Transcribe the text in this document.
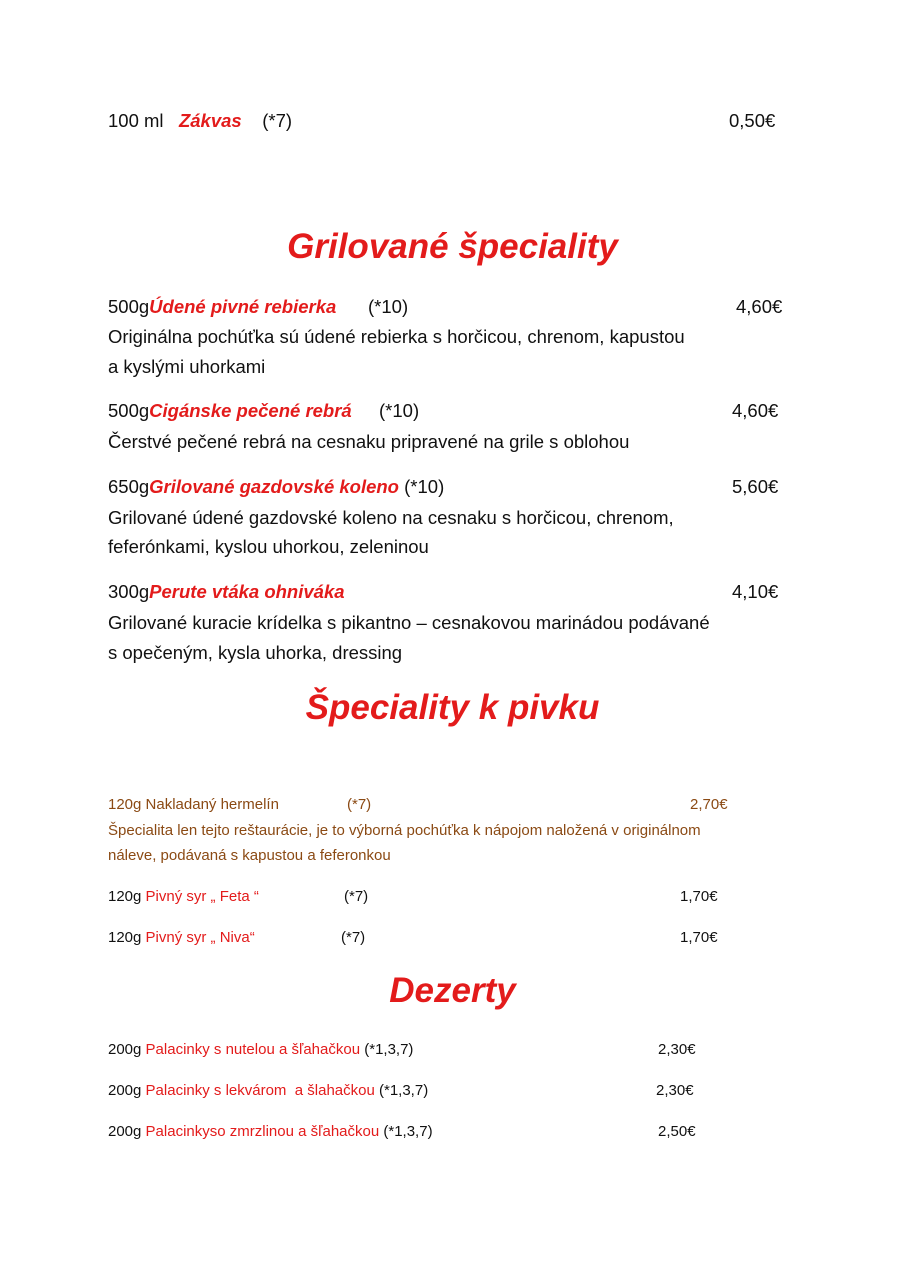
100 ml Zákvas (*7)	0,50€
Grilované špeciality
500gÚdené pivné rebierka (*10)	4,60€
Originálna pochúťka sú údené rebierka s horčicou, chrenom, kapustou
a kyslými uhorkami
500gCigánske pečené rebrá (*10)	4,60€
Čerstvé pečené rebrá na cesnaku pripravené na grile s oblohou
650gGrilované gazdovské koleno (*10)	5,60€
Grilované údené gazdovské koleno na cesnaku s horčicou, chrenom,
feferónkami, kyslou uhorkou, zeleninou
300gPerute vtáka ohniváka	4,10€
Grilované kuracie krídelka s pikantno – cesnakovou marinádou podávané
s opečeným, kysla uhorka, dressing
Špeciality k pivku
120g Nakladaný hermelín	(*7)	2,70€
Špecialita len tejto reštaurácie, je to výborná pochúťka k nápojom naložená v originálnom
náleve, podávaná s kapustou a feferonkou
120g Pivný syr „ Feta “	(*7)	1,70€
120g Pivný syr „ Niva“	(*7)	1,70€
Dezerty
200g Palacinky s nutelou a šľahačkou (*1,3,7)	2,30€
200g Palacinky s lekvárom  a šlahačkou (*1,3,7)	2,30€
200g Palacinkyso zmrzlinou a šľahačkou (*1,3,7)	2,50€
